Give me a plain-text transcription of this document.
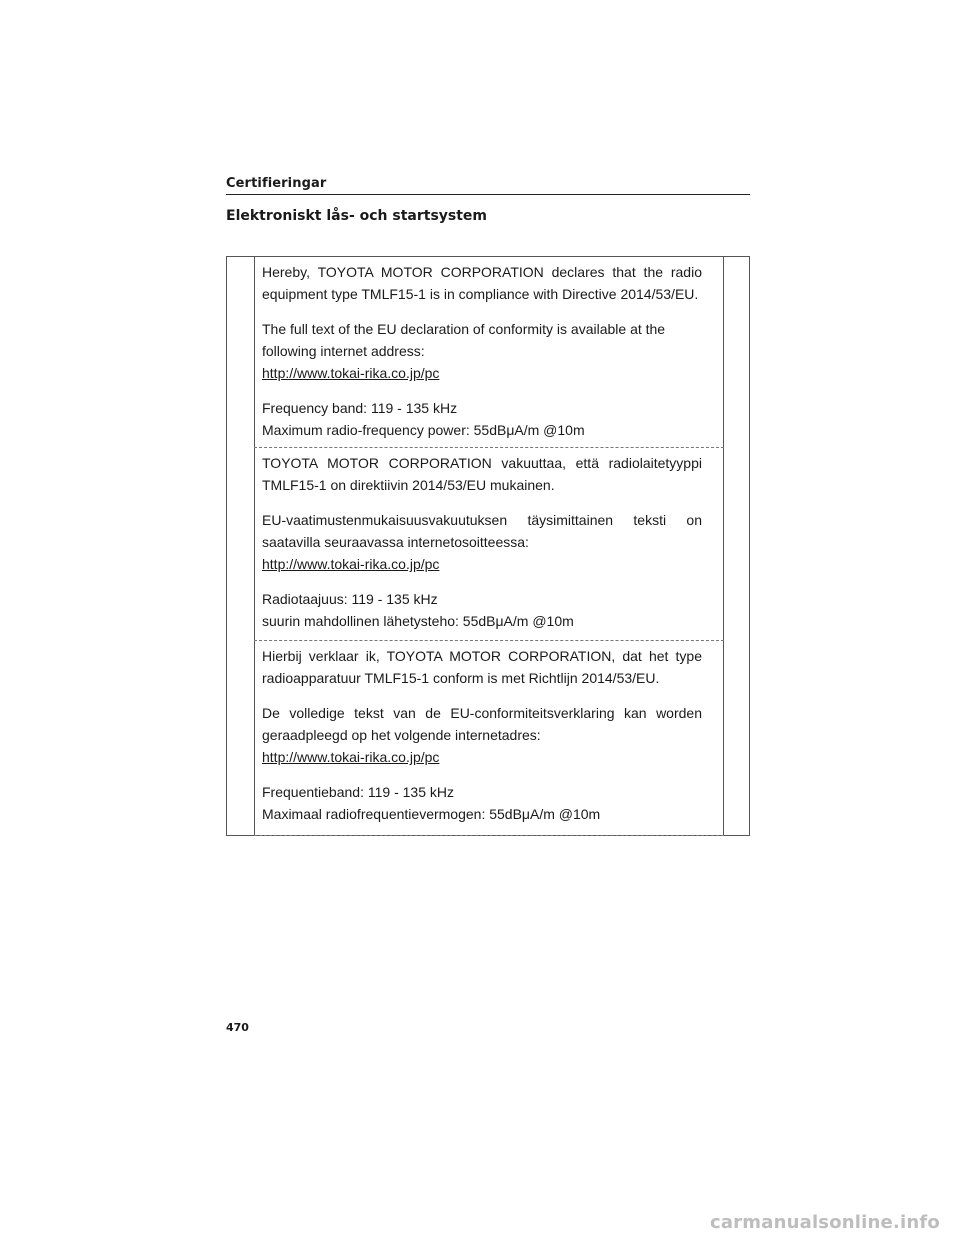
Certifieringar
Elektroniskt lås- och startsystem

Hereby, TOYOTA MOTOR CORPORATION declares that the radio

equipment type TMLF15-1 is in compliance with Directive 2014/53/EU.

The full text of the EU declaration of conformity is available at the

following internet address:

http://www.tokai-rika.co.jp/pc

Frequency band: 119 - 135 kHz

Maximum radio-frequency power: 55dBμA/m @10m

TOYOTA MOTOR CORPORATION vakuuttaa, että radiolaitetyyppi

TMLF15-1 on direktiivin 2014/53/EU mukainen.

EU-vaatimustenmukaisuusvakuutuksen täysimittainen teksti on

saatavilla seuraavassa internetosoitteessa:

http://www.tokai-rika.co.jp/pc

Radiotaajuus: 119 - 135 kHz

suurin mahdollinen lähetysteho: 55dBμA/m @10m

Hierbij verklaar ik, TOYOTA MOTOR CORPORATION, dat het type

radioapparatuur TMLF15-1 conform is met Richtlijn 2014/53/EU.

De volledige tekst van de EU-conformiteitsverklaring kan worden

geraadpleegd op het volgende internetadres:

http://www.tokai-rika.co.jp/pc

Frequentieband: 119 - 135 kHz

Maximaal radiofrequentievermogen: 55dBμA/m @10m

470
carmanualsonline.info
